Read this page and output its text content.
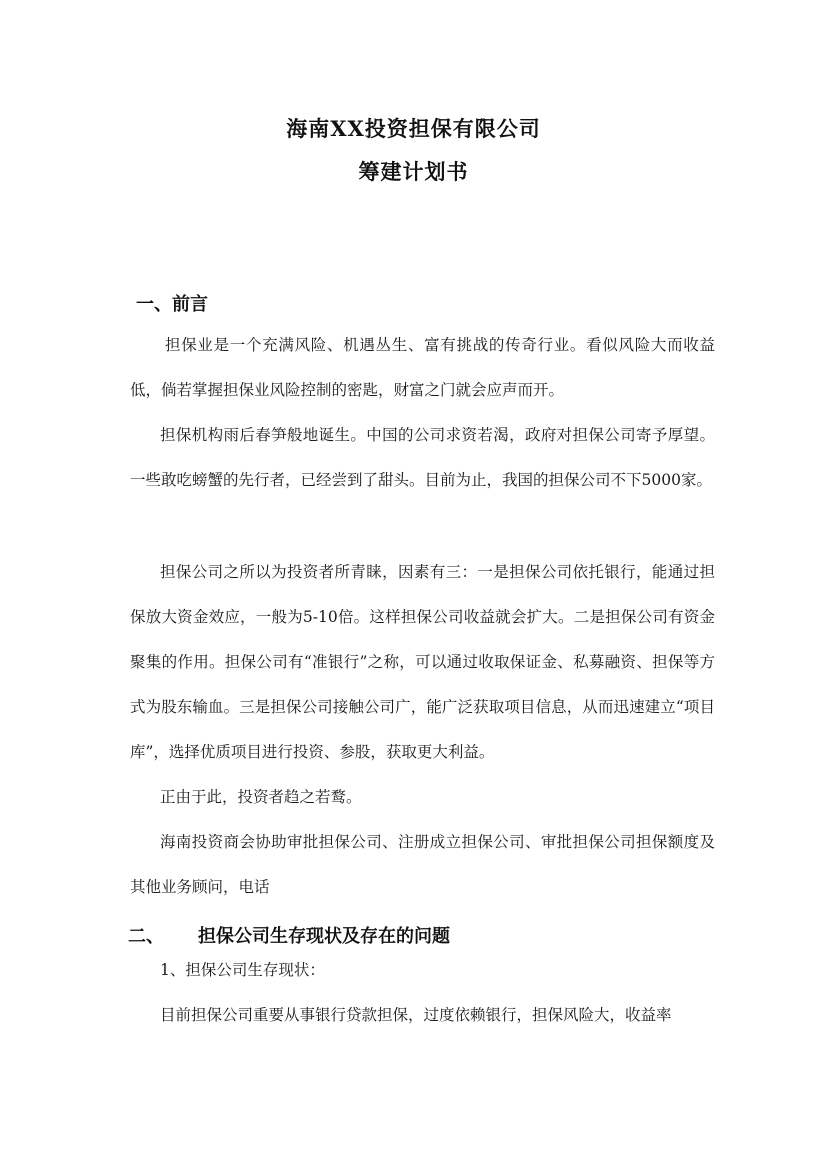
海南XX投资担保有限公司
筹建计划书
一、前言
担保业是一个充满风险、机遇丛生、富有挑战的传奇行业。看似风险大而收益低，倘若掌握担保业风险控制的密匙，财富之门就会应声而开。
担保机构雨后春笋般地诞生。中国的公司求资若渴，政府对担保公司寄予厚望。一些敢吃螃蟹的先行者，已经尝到了甜头。目前为止，我国的担保公司不下5000家。
担保公司之所以为投资者所青睐，因素有三：一是担保公司依托银行，能通过担保放大资金效应，一般为5-10倍。这样担保公司收益就会扩大。二是担保公司有资金聚集的作用。担保公司有“准银行”之称，可以通过收取保证金、私募融资、担保等方式为股东输血。三是担保公司接触公司广，能广泛获取项目信息，从而迅速建立“项目库”，选择优质项目进行投资、参股，获取更大利益。
正由于此，投资者趋之若鹜。
海南投资商会协助审批担保公司、注册成立担保公司、审批担保公司担保额度及其他业务顾问，电话
二、 担保公司生存现状及存在的问题
1、担保公司生存现状：
目前担保公司重要从事银行贷款担保，过度依赖银行，担保风险大，收益率
